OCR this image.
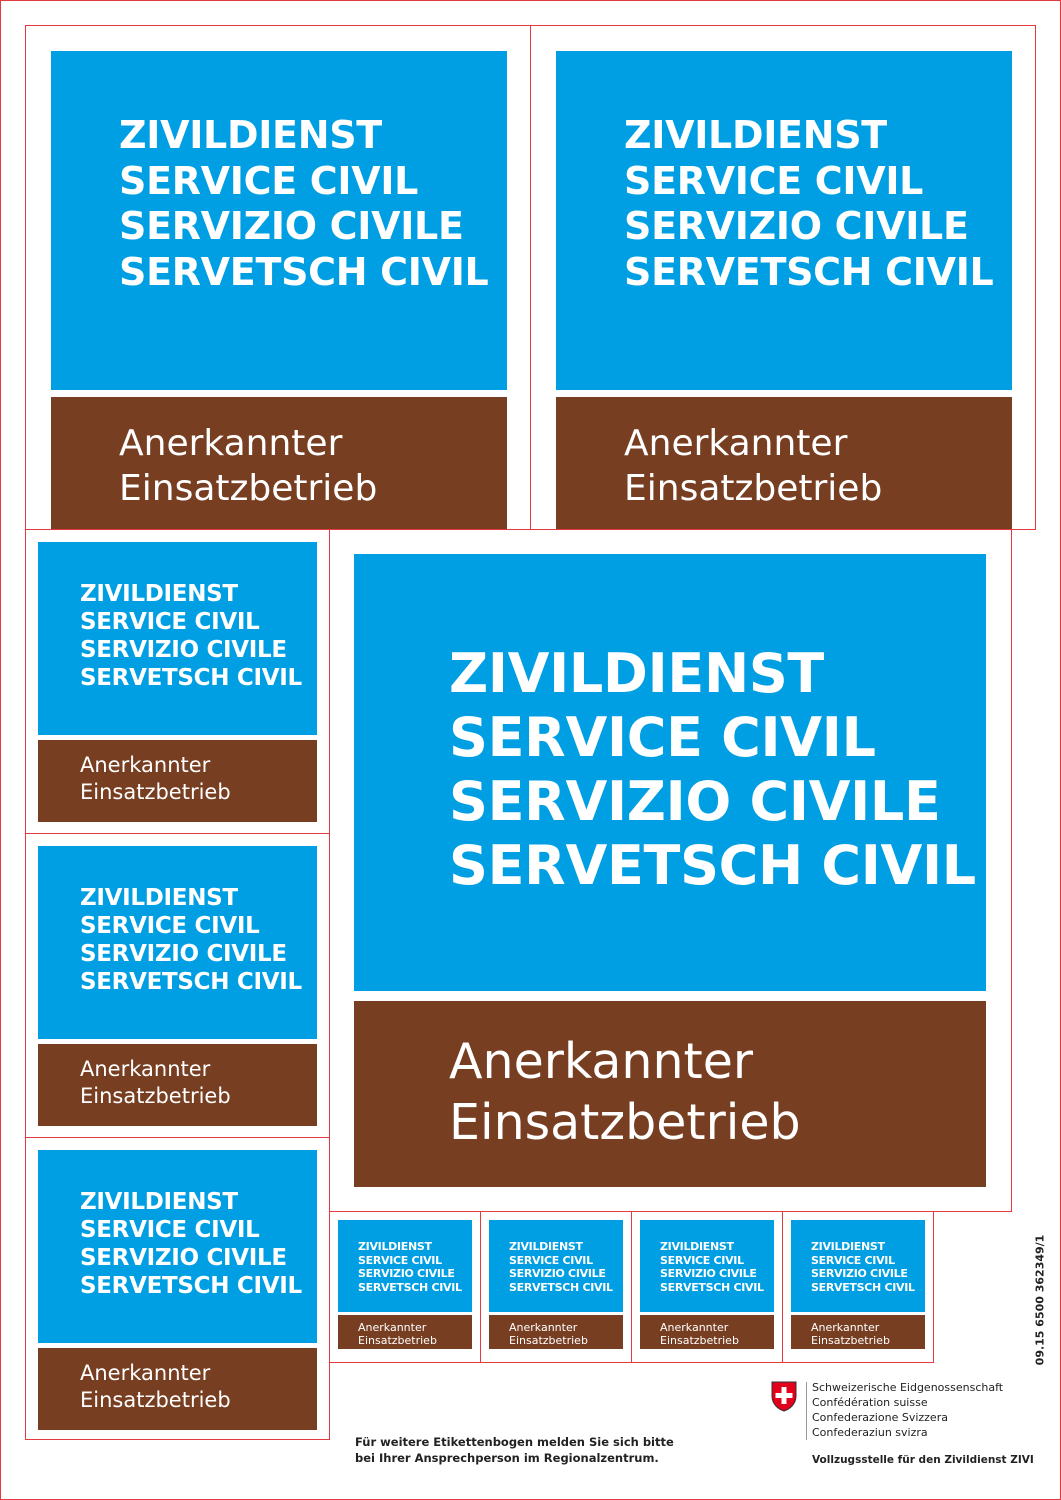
ZIVILDIENST
SERVICE CIVIL
SERVIZIO CIVILE
SERVETSCH CIVIL
Anerkannter
Einsatzbetrieb
ZIVILDIENST
SERVICE CIVIL
SERVIZIO CIVILE
SERVETSCH CIVIL
Anerkannter
Einsatzbetrieb
ZIVILDIENST
SERVICE CIVIL
SERVIZIO CIVILE
SERVETSCH CIVIL
Anerkannter
Einsatzbetrieb
ZIVILDIENST
SERVICE CIVIL
SERVIZIO CIVILE
SERVETSCH CIVIL
Anerkannter
Einsatzbetrieb
ZIVILDIENST
SERVICE CIVIL
SERVIZIO CIVILE
SERVETSCH CIVIL
Anerkannter
Einsatzbetrieb
ZIVILDIENST
SERVICE CIVIL
SERVIZIO CIVILE
SERVETSCH CIVIL
Anerkannter
Einsatzbetrieb
ZIVILDIENST
SERVICE CIVIL
SERVIZIO CIVILE
SERVETSCH CIVIL
Anerkannter
Einsatzbetrieb
ZIVILDIENST
SERVICE CIVIL
SERVIZIO CIVILE
SERVETSCH CIVIL
Anerkannter
Einsatzbetrieb
ZIVILDIENST
SERVICE CIVIL
SERVIZIO CIVILE
SERVETSCH CIVIL
Anerkannter
Einsatzbetrieb
ZIVILDIENST
SERVICE CIVIL
SERVIZIO CIVILE
SERVETSCH CIVIL
Anerkannter
Einsatzbetrieb	09.15 6500 362349/1
Für weitere Etikettenbogen melden Sie sich bitte
bei Ihrer Ansprechperson im Regionalzentrum.
Schweizerische Eidgenossenschaft
Confédération suisse
Confederazione Svizzera
Confederaziun svizra
Vollzugsstelle für den Zivildienst ZIVI
